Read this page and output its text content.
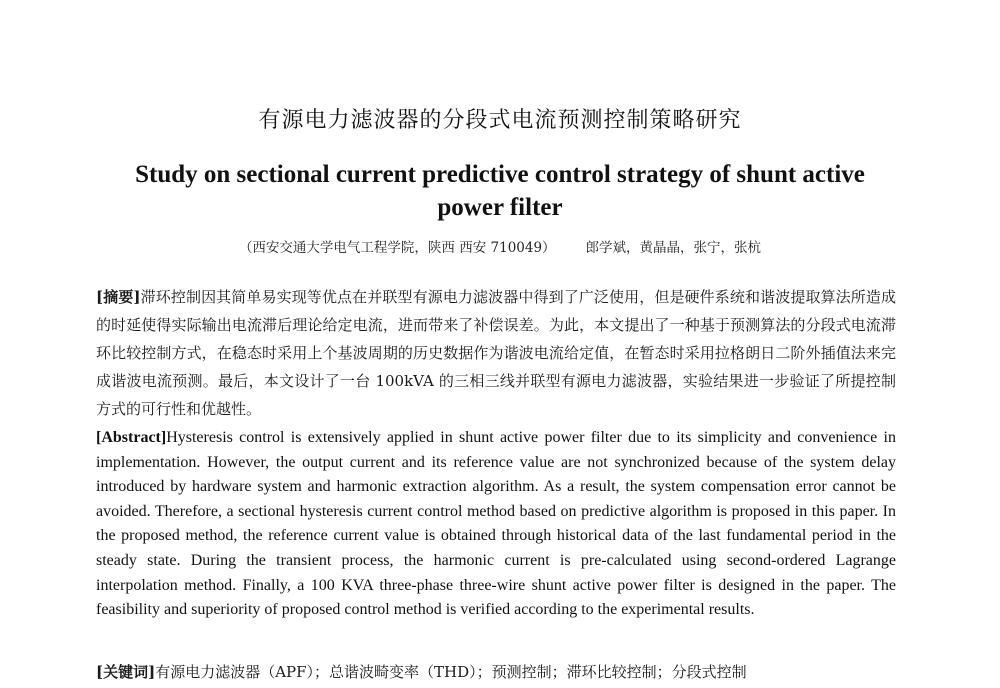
有源电力滤波器的分段式电流预测控制策略研究
Study on sectional current predictive control strategy of shunt active power filter
（西安交通大学电气工程学院，陕西 西安 710049） 郎学斌，黄晶晶，张宁，张杭
[摘要]滞环控制因其简单易实现等优点在并联型有源电力滤波器中得到了广泛使用，但是硬件系统和谐波提取算法所造成的时延使得实际输出电流滞后理论给定电流，进而带来了补偿误差。为此，本文提出了一种基于预测算法的分段式电流滞环比较控制方式，在稳态时采用上个基波周期的历史数据作为谐波电流给定值，在暂态时采用拉格朗日二阶外插值法来完成谐波电流预测。最后，本文设计了一台 100kVA 的三相三线并联型有源电力滤波器，实验结果进一步验证了所提控制方式的可行性和优越性。
[Abstract]Hysteresis control is extensively applied in shunt active power filter due to its simplicity and convenience in implementation. However, the output current and its reference value are not synchronized because of the system delay introduced by hardware system and harmonic extraction algorithm. As a result, the system compensation error cannot be avoided. Therefore, a sectional hysteresis current control method based on predictive algorithm is proposed in this paper. In the proposed method, the reference current value is obtained through historical data of the last fundamental period in the steady state. During the transient process, the harmonic current is pre-calculated using second-ordered Lagrange interpolation method. Finally, a 100 KVA three-phase three-wire shunt active power filter is designed in the paper. The feasibility and superiority of proposed control method is verified according to the experimental results.
[关键词]有源电力滤波器（APF）；总谐波畸变率（THD）；预测控制；滞环比较控制；分段式控制
